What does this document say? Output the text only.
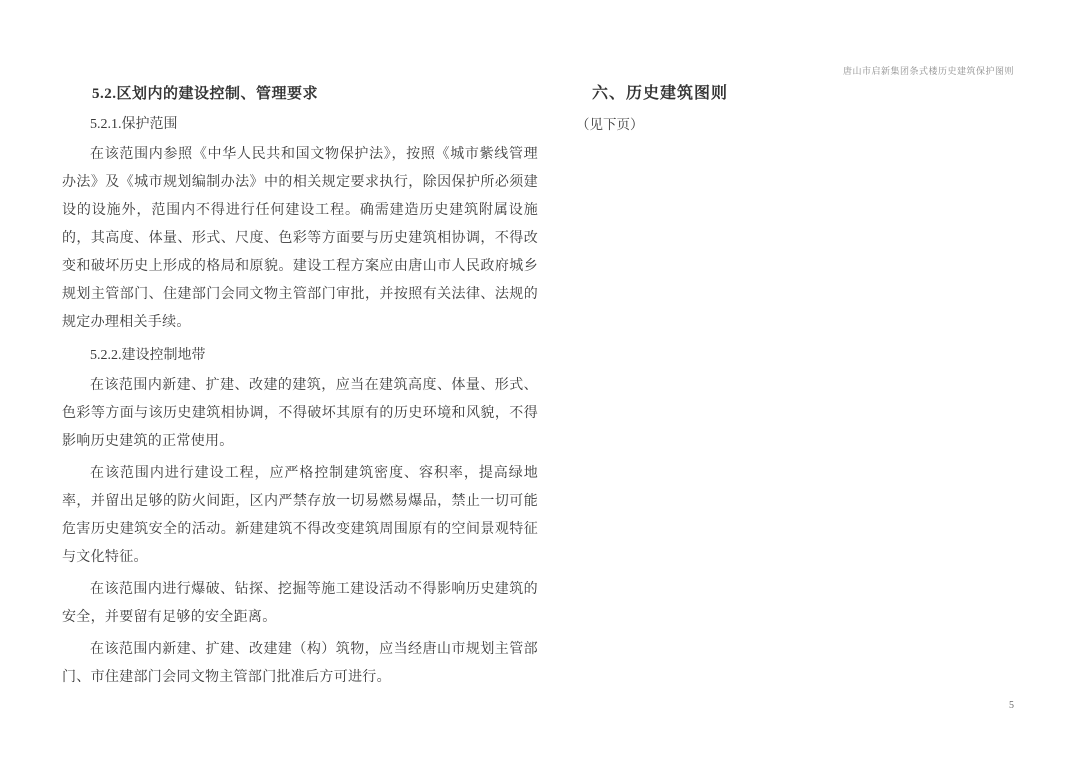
唐山市启新集团条式楼历史建筑保护图则
5.2.区划内的建设控制、管理要求
5.2.1.保护范围

在该范围内参照《中华人民共和国文物保护法》，按照《城市紫线管理办法》及《城市规划编制办法》中的相关规定要求执行，除因保护所必须建设的设施外，范围内不得进行任何建设工程。确需建造历史建筑附属设施的，其高度、体量、形式、尺度、色彩等方面要与历史建筑相协调，不得改变和破坏历史上形成的格局和原貌。建设工程方案应由唐山市人民政府城乡规划主管部门、住建部门会同文物主管部门审批，并按照有关法律、法规的规定办理相关手续。

5.2.2.建设控制地带

在该范围内新建、扩建、改建的建筑，应当在建筑高度、体量、形式、色彩等方面与该历史建筑相协调，不得破坏其原有的历史环境和风貌，不得影响历史建筑的正常使用。

在该范围内进行建设工程，应严格控制建筑密度、容积率，提高绿地率，并留出足够的防火间距，区内严禁存放一切易燃易爆品，禁止一切可能危害历史建筑安全的活动。新建建筑不得改变建筑周围原有的空间景观特征与文化特征。

在该范围内进行爆破、钻探、挖掘等施工建设活动不得影响历史建筑的安全，并要留有足够的安全距离。

在该范围内新建、扩建、改建建（构）筑物，应当经唐山市规划主管部门、市住建部门会同文物主管部门批准后方可进行。

六、历史建筑图则

（见下页）

5
